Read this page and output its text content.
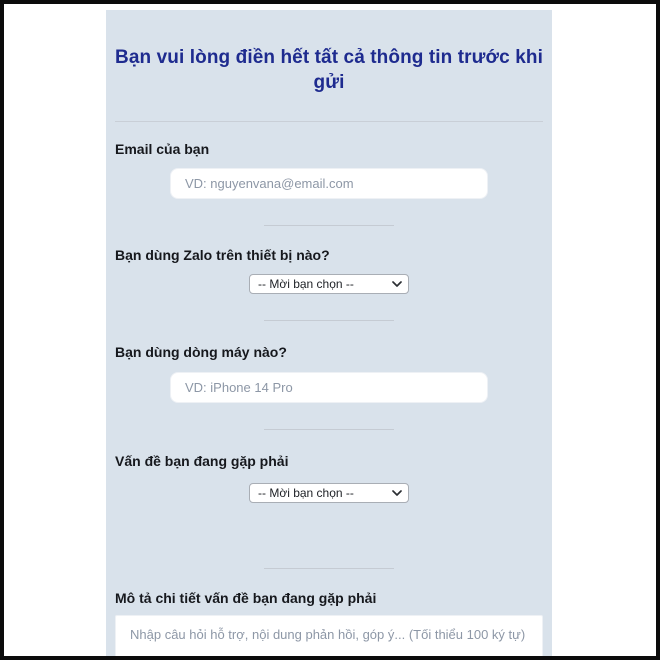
Bạn vui lòng điền hết tất cả thông tin trước khi gửi
Email của bạn
VD: nguyenvana@email.com
Bạn dùng Zalo trên thiết bị nào?
-- Mời bạn chọn --
Bạn dùng dòng máy nào?
VD: iPhone 14 Pro
Vấn đề bạn đang gặp phải
-- Mời bạn chọn --
Mô tả chi tiết vấn đề bạn đang gặp phải
Nhập câu hỏi hỗ trợ, nội dung phản hồi, góp ý... (Tối thiểu 100 ký tự)
